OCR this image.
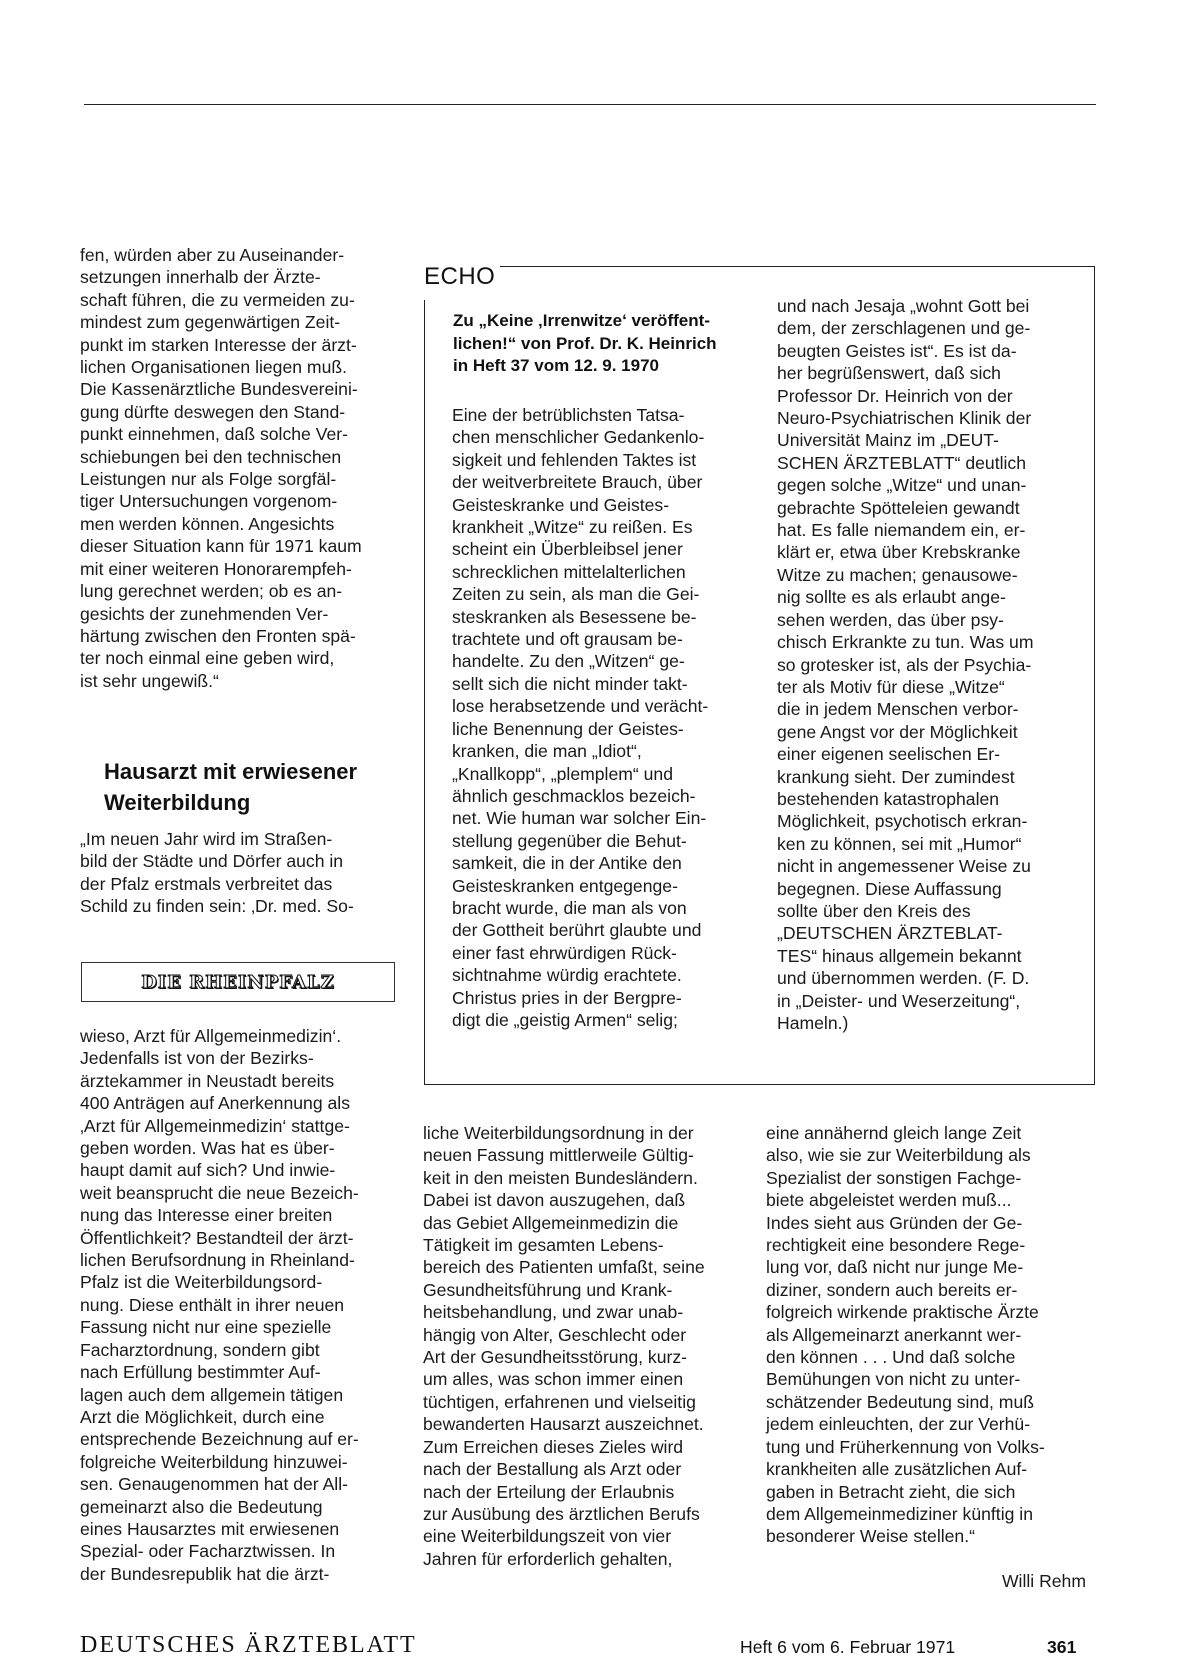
fen, würden aber zu Auseinander-
setzungen innerhalb der Ärzte-
schaft führen, die zu vermeiden zu-
mindest zum gegenwärtigen Zeit-
punkt im starken Interesse der ärzt-
lichen Organisationen liegen muß.
Die Kassenärztliche Bundesvereini-
gung dürfte deswegen den Stand-
punkt einnehmen, daß solche Ver-
schiebungen bei den technischen
Leistungen nur als Folge sorgfäl-
tiger Untersuchungen vorgenom-
men werden können. Angesichts
dieser Situation kann für 1971 kaum
mit einer weiteren Honorarempfeh-
lung gerechnet werden; ob es an-
gesichts der zunehmenden Ver-
härtung zwischen den Fronten spä-
ter noch einmal eine geben wird,
ist sehr ungewiß.“

Hausarzt mit erwiesener
Weiterbildung

„Im neuen Jahr wird im Straßen-
bild der Städte und Dörfer auch in
der Pfalz erstmals verbreitet das
Schild zu finden sein: ‚Dr. med. So-

DIE RHEINPFALZ

wieso, Arzt für Allgemeinmedizin‘.
Jedenfalls ist von der Bezirks-
ärztekammer in Neustadt bereits
400 Anträgen auf Anerkennung als
‚Arzt für Allgemeinmedizin‘ stattge-
geben worden. Was hat es über-
haupt damit auf sich? Und inwie-
weit beansprucht die neue Bezeich-
nung das Interesse einer breiten
Öffentlichkeit? Bestandteil der ärzt-
lichen Berufsordnung in Rheinland-
Pfalz ist die Weiterbildungsord-
nung. Diese enthält in ihrer neuen
Fassung nicht nur eine spezielle
Facharztordnung, sondern gibt
nach Erfüllung bestimmter Auf-
lagen auch dem allgemein tätigen
Arzt die Möglichkeit, durch eine
entsprechende Bezeichnung auf er-
folgreiche Weiterbildung hinzuwei-
sen. Genaugenommen hat der All-
gemeinarzt also die Bedeutung
eines Hausarztes mit erwiesenen
Spezial- oder Facharztwissen. In
der Bundesrepublik hat die ärzt-

ECHO

Zu „Keine ‚Irrenwitze‘ veröffent-
lichen!“ von Prof. Dr. K. Heinrich
in Heft 37 vom 12. 9. 1970

Eine der betrüblichsten Tatsa-
chen menschlicher Gedankenlo-
sigkeit und fehlenden Taktes ist
der weitverbreitete Brauch, über
Geisteskranke und Geistes-
krankheit „Witze“ zu reißen. Es
scheint ein Überbleibsel jener
schrecklichen mittelalterlichen
Zeiten zu sein, als man die Gei-
steskranken als Besessene be-
trachtete und oft grausam be-
handelte. Zu den „Witzen“ ge-
sellt sich die nicht minder takt-
lose herabsetzende und verächt-
liche Benennung der Geistes-
kranken, die man „Idiot“,
„Knallkopp“, „plemplem“ und
ähnlich geschmacklos bezeich-
net. Wie human war solcher Ein-
stellung gegenüber die Behut-
samkeit, die in der Antike den
Geisteskranken entgegenge-
bracht wurde, die man als von
der Gottheit berührt glaubte und
einer fast ehrwürdigen Rück-
sichtnahme würdig erachtete.
Christus pries in der Bergpre-
digt die „geistig Armen“ selig;

und nach Jesaja „wohnt Gott bei
dem, der zerschlagenen und ge-
beugten Geistes ist“. Es ist da-
her begrüßenswert, daß sich
Professor Dr. Heinrich von der
Neuro-Psychiatrischen Klinik der
Universität Mainz im „DEUT-
SCHEN ÄRZTEBLATT“ deutlich
gegen solche „Witze“ und unan-
gebrachte Spötteleien gewandt
hat. Es falle niemandem ein, er-
klärt er, etwa über Krebskranke
Witze zu machen; genausowe-
nig sollte es als erlaubt ange-
sehen werden, das über psy-
chisch Erkrankte zu tun. Was um
so grotesker ist, als der Psychia-
ter als Motiv für diese „Witze“
die in jedem Menschen verbor-
gene Angst vor der Möglichkeit
einer eigenen seelischen Er-
krankung sieht. Der zumindest
bestehenden katastrophalen
Möglichkeit, psychotisch erkran-
ken zu können, sei mit „Humor“
nicht in angemessener Weise zu
begegnen. Diese Auffassung
sollte über den Kreis des
„DEUTSCHEN ÄRZTEBLAT-
TES“ hinaus allgemein bekannt
und übernommen werden. (F. D.
in „Deister- und Weserzeitung“,
Hameln.)

liche Weiterbildungsordnung in der
neuen Fassung mittlerweile Gültig-
keit in den meisten Bundesländern.
Dabei ist davon auszugehen, daß
das Gebiet Allgemeinmedizin die
Tätigkeit im gesamten Lebens-
bereich des Patienten umfaßt, seine
Gesundheitsführung und Krank-
heitsbehandlung, und zwar unab-
hängig von Alter, Geschlecht oder
Art der Gesundheitsstörung, kurz-
um alles, was schon immer einen
tüchtigen, erfahrenen und vielseitig
bewanderten Hausarzt auszeichnet.
Zum Erreichen dieses Zieles wird
nach der Bestallung als Arzt oder
nach der Erteilung der Erlaubnis
zur Ausübung des ärztlichen Berufs
eine Weiterbildungszeit von vier
Jahren für erforderlich gehalten,

eine annähernd gleich lange Zeit
also, wie sie zur Weiterbildung als
Spezialist der sonstigen Fachge-
biete abgeleistet werden muß...
Indes sieht aus Gründen der Ge-
rechtigkeit eine besondere Rege-
lung vor, daß nicht nur junge Me-
diziner, sondern auch bereits er-
folgreich wirkende praktische Ärzte
als Allgemeinarzt anerkannt wer-
den können . . . Und daß solche
Bemühungen von nicht zu unter-
schätzender Bedeutung sind, muß
jedem einleuchten, der zur Verhü-
tung und Früherkennung von Volks-
krankheiten alle zusätzlichen Auf-
gaben in Betracht zieht, die sich
dem Allgemeinmediziner künftig in
besonderer Weise stellen.“

Willi Rehm

DEUTSCHES ÄRZTEBLATT	Heft 6 vom 6. Februar 1971	361
